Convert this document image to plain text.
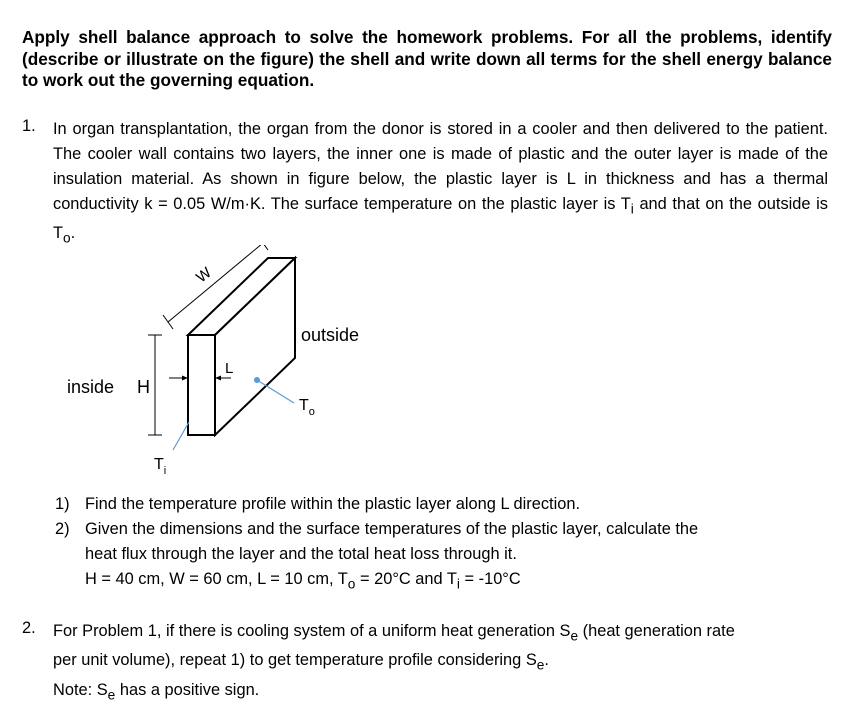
Apply shell balance approach to solve the homework problems. For all the problems, identify (describe or illustrate on the figure) the shell and write down all terms for the shell energy balance to work out the governing equation.
1. In organ transplantation, the organ from the donor is stored in a cooler and then delivered to the patient. The cooler wall contains two layers, the inner one is made of plastic and the outer layer is made of the insulation material. As shown in figure below, the plastic layer is L in thickness and has a thermal conductivity k = 0.05 W/m·K. The surface temperature on the plastic layer is $T_i$ and that on the outside is $T_o$.
W
H
inside
outside
L
$T_o$
$T_i$
1) Find the temperature profile within the plastic layer along L direction.
2) Given the dimensions and the surface temperatures of the plastic layer, calculate the
heat flux through the layer and the total heat loss through it.
H = 40 cm, W = 60 cm, L = 10 cm, $T_o = 20^\circ C$ and $T_i = -10^\circ C$
2. For Problem 1, if there is cooling system of a uniform heat generation $S_e$ (heat generation rate
per unit volume), repeat 1) to get temperature profile considering $S_e$.
Note: $S_e$ has a positive sign.
